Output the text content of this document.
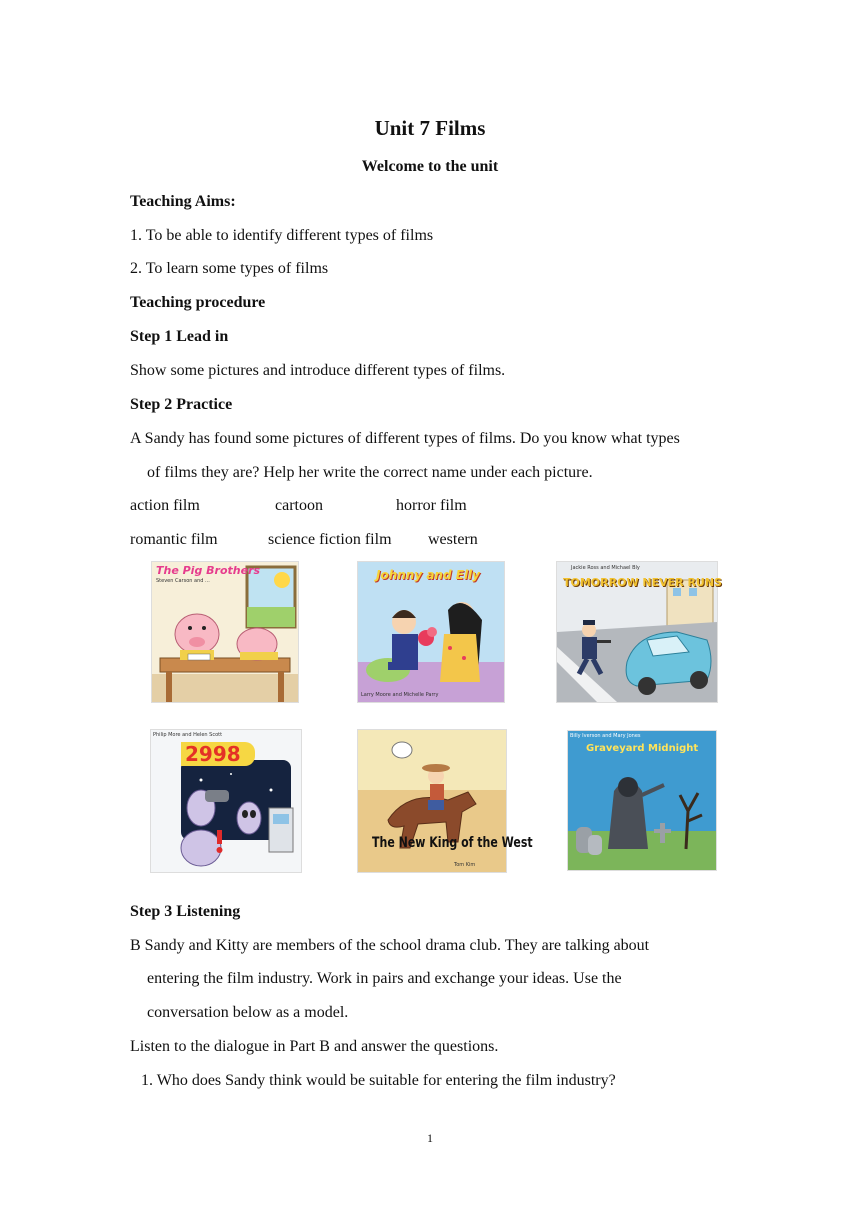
Unit 7 Films
Welcome to the unit
Teaching Aims:
1. To be able to identify different types of films
2. To learn some types of films
Teaching procedure
Step 1 Lead in
Show some pictures and introduce different types of films.
Step 2 Practice
A Sandy has found some pictures of different types of films. Do you know what types
of films they are? Help her write the correct name under each picture.
action film	cartoon	horror film
romantic film	science fiction film western
The Pig Brothers
Steven Carson and ...	Johnny and Elly
Larry Moore and Michelle Parry
TOMORROW NEVER RUNS
Jackie Ross and Michael Bly
2998
Philip More and Helen Scott
The New King of the West
Tom Kim
Graveyard Midnight
Billy Iverson and Mary Jones
Step 3 Listening
B Sandy and Kitty are members of the school drama club. They are talking about
entering the film industry. Work in pairs and exchange your ideas. Use the
conversation below as a model.
Listen to the dialogue in Part B and answer the questions.
1. Who does Sandy think would be suitable for entering the film industry?
1
